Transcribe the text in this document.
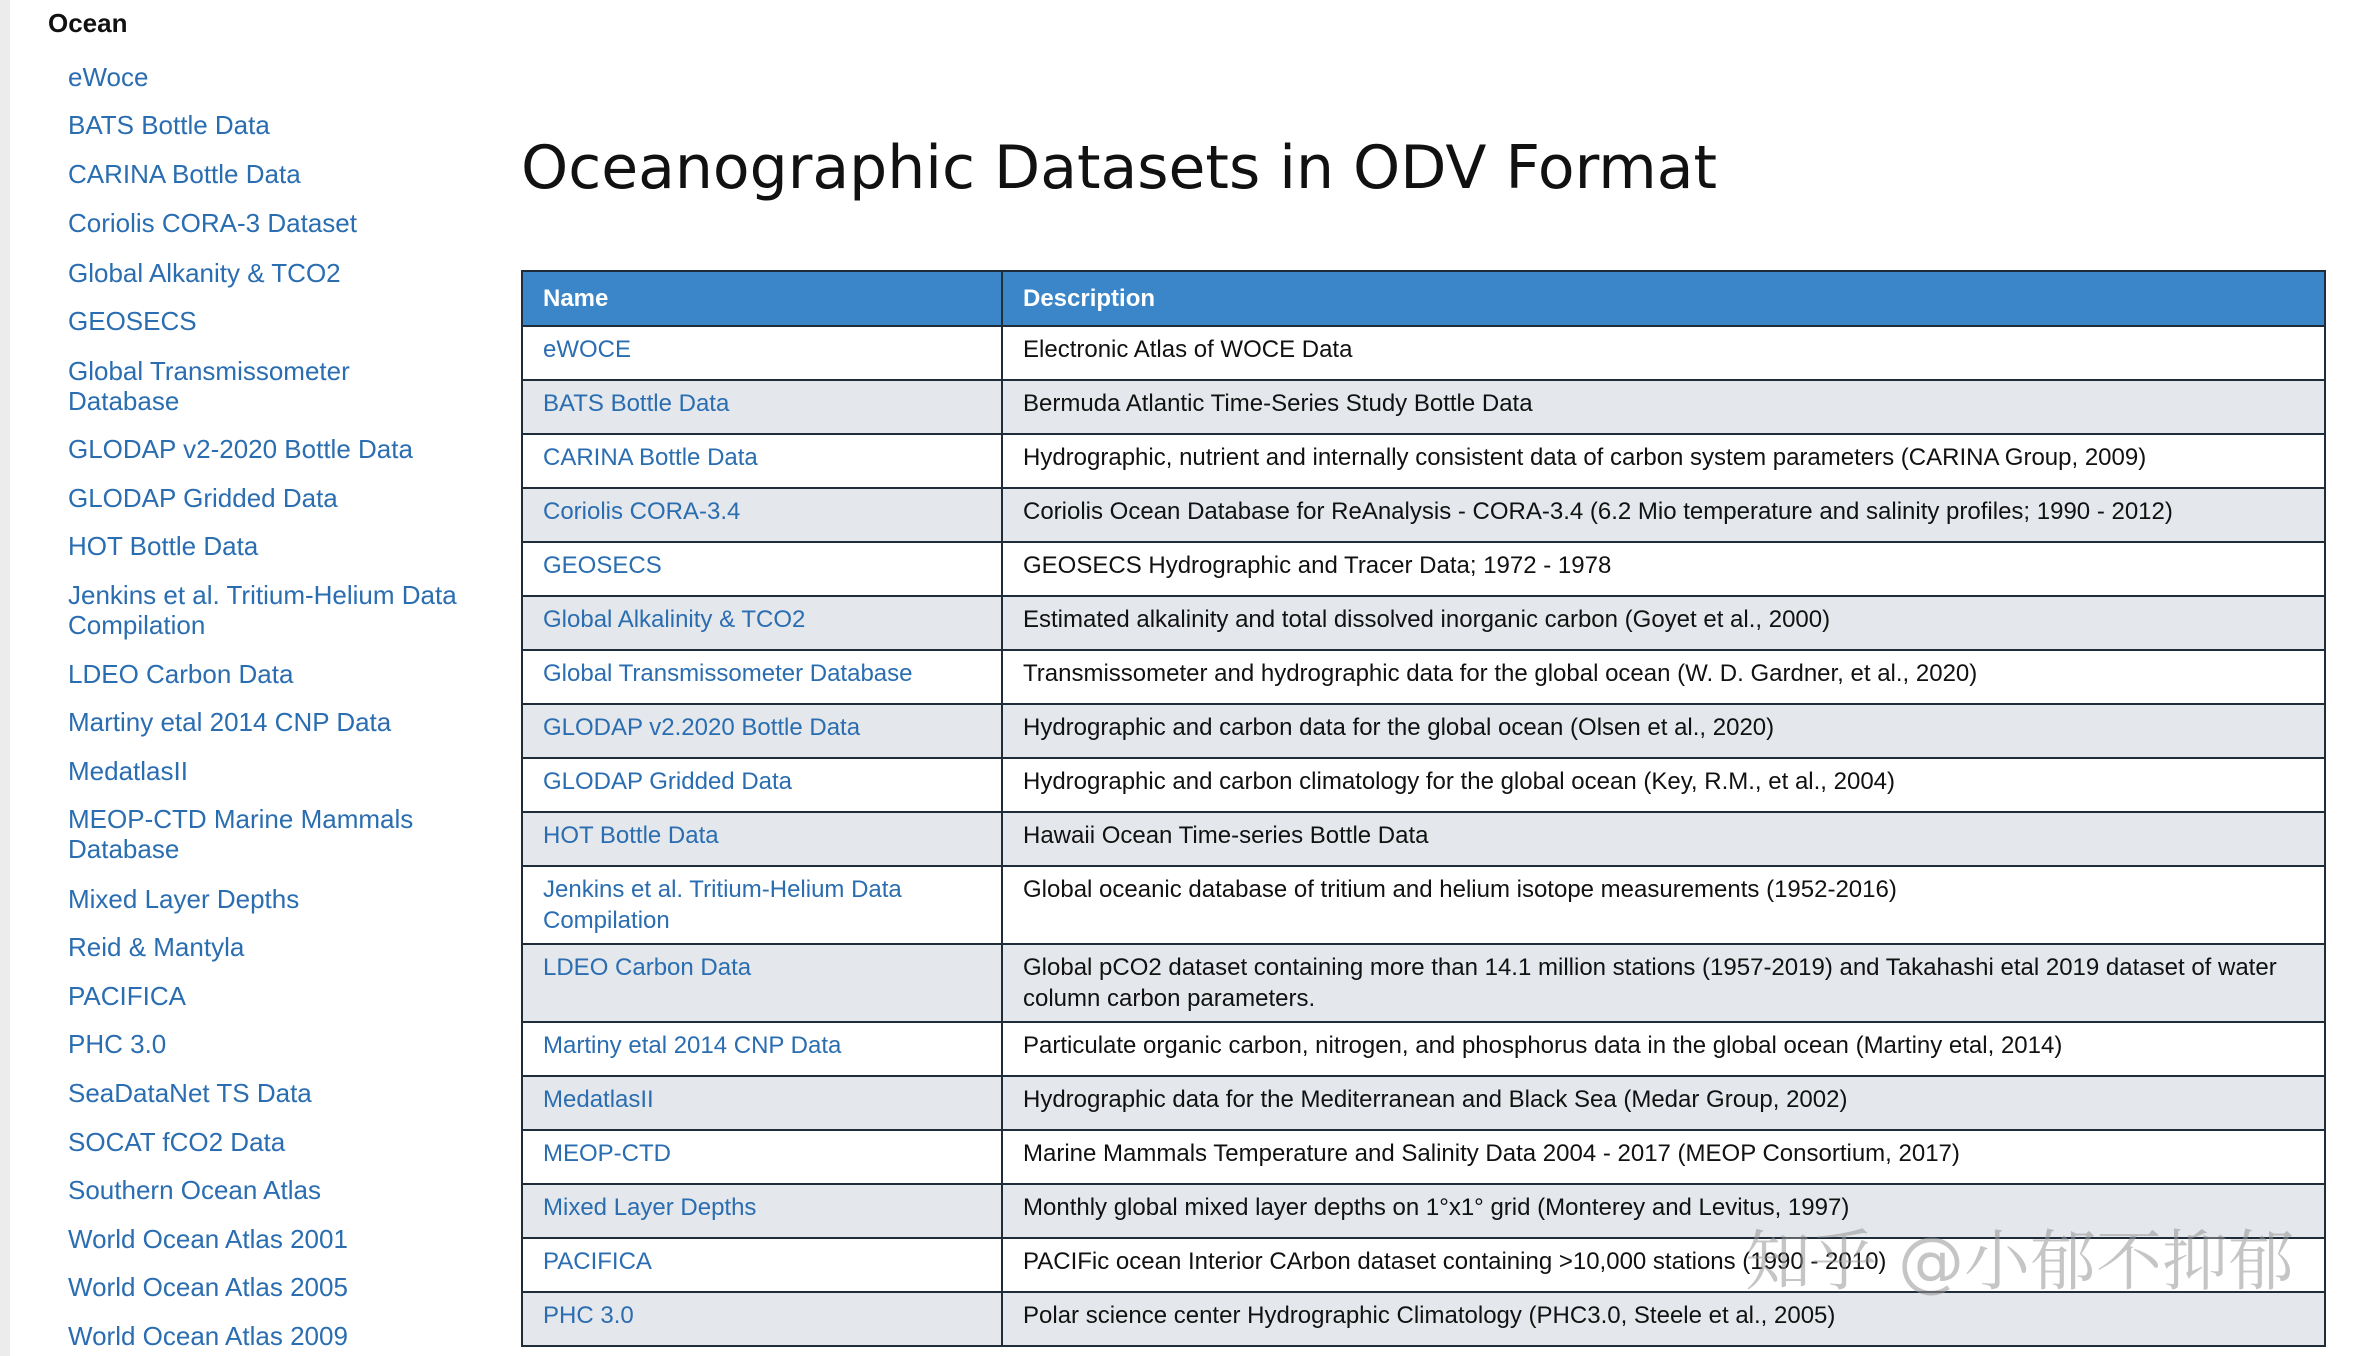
Ocean
eWoce
BATS Bottle Data
CARINA Bottle Data
Coriolis CORA-3 Dataset
Global Alkanity & TCO2
GEOSECS
Global Transmissometer Database
GLODAP v2-2020 Bottle Data
GLODAP Gridded Data
HOT Bottle Data
Jenkins et al. Tritium-Helium Data Compilation
LDEO Carbon Data
Martiny etal 2014 CNP Data
MedatlasII
MEOP-CTD Marine Mammals Database
Mixed Layer Depths
Reid & Mantyla
PACIFICA
PHC 3.0
SeaDataNet TS Data
SOCAT fCO2 Data
Southern Ocean Atlas
World Ocean Atlas 2001
World Ocean Atlas 2005
World Ocean Atlas 2009
Oceanographic Datasets in ODV Format
Name	Description
eWOCE	Electronic Atlas of WOCE Data
BATS Bottle Data	Bermuda Atlantic Time-Series Study Bottle Data
CARINA Bottle Data	Hydrographic, nutrient and internally consistent data of carbon system parameters (CARINA Group, 2009)
Coriolis CORA-3.4	Coriolis Ocean Database for ReAnalysis - CORA-3.4 (6.2 Mio temperature and salinity profiles; 1990 - 2012)
GEOSECS	GEOSECS Hydrographic and Tracer Data; 1972 - 1978
Global Alkalinity & TCO2	Estimated alkalinity and total dissolved inorganic carbon (Goyet et al., 2000)
Global Transmissometer Database	Transmissometer and hydrographic data for the global ocean (W. D. Gardner, et al., 2020)
GLODAP v2.2020 Bottle Data	Hydrographic and carbon data for the global ocean (Olsen et al., 2020)
GLODAP Gridded Data	Hydrographic and carbon climatology for the global ocean (Key, R.M., et al., 2004)
HOT Bottle Data	Hawaii Ocean Time-series Bottle Data
Jenkins et al. Tritium-Helium Data Compilation	Global oceanic database of tritium and helium isotope measurements (1952-2016)
LDEO Carbon Data	Global pCO2 dataset containing more than 14.1 million stations (1957-2019) and Takahashi etal 2019 dataset of water column carbon parameters.
Martiny etal 2014 CNP Data	Particulate organic carbon, nitrogen, and phosphorus data in the global ocean (Martiny etal, 2014)
MedatlasII	Hydrographic data for the Mediterranean and Black Sea (Medar Group, 2002)
MEOP-CTD	Marine Mammals Temperature and Salinity Data 2004 - 2017 (MEOP Consortium, 2017)
Mixed Layer Depths	Monthly global mixed layer depths on 1°x1° grid (Monterey and Levitus, 1997)
PACIFICA	PACIFic ocean Interior CArbon dataset containing >10,000 stations (1990 - 2010)
PHC 3.0	Polar science center Hydrographic Climatology (PHC3.0, Steele et al., 2005)
知乎 @小郁不抑郁
